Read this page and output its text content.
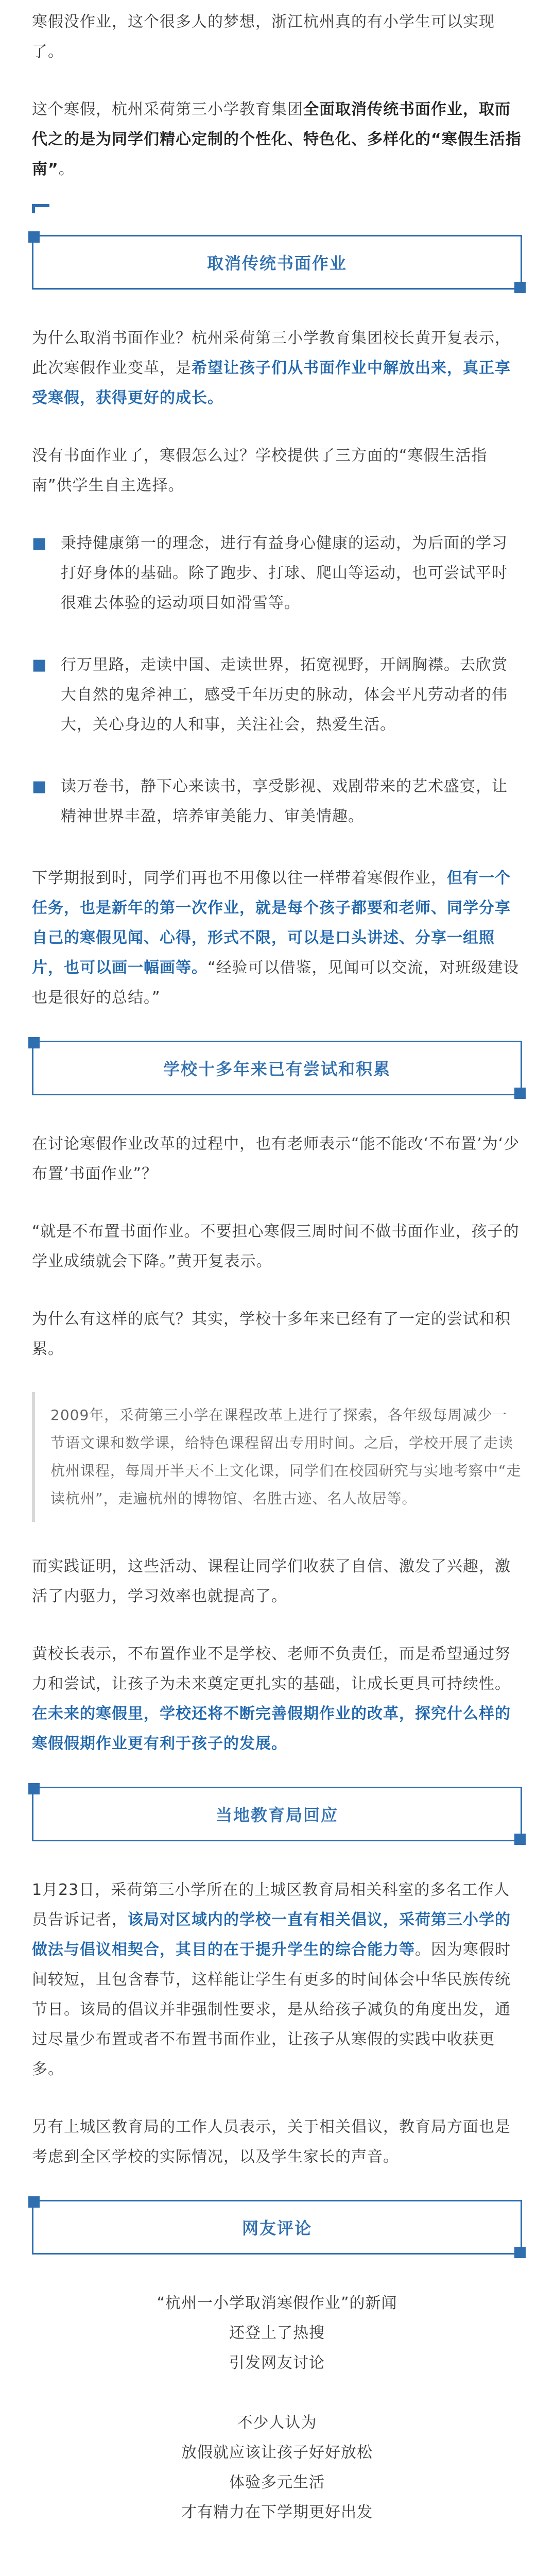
寒假没作业，这个很多人的梦想，浙江杭州真的有小学生可以实现了。

这个寒假，杭州采荷第三小学教育集团全面取消传统书面作业，取而代之的是为同学们精心定制的个性化、特色化、多样化的“寒假生活指南”。

取消传统书面作业

为什么取消书面作业？杭州采荷第三小学教育集团校长黄开复表示，此次寒假作业变革，是希望让孩子们从书面作业中解放出来，真正享受寒假，获得更好的成长。

没有书面作业了，寒假怎么过？学校提供了三方面的“寒假生活指南”供学生自主选择。

■ 秉持健康第一的理念，进行有益身心健康的运动，为后面的学习打好身体的基础。除了跑步、打球、爬山等运动，也可尝试平时很难去体验的运动项目如滑雪等。
■ 行万里路，走读中国、走读世界，拓宽视野，开阔胸襟。去欣赏大自然的鬼斧神工，感受千年历史的脉动，体会平凡劳动者的伟大，关心身边的人和事，关注社会，热爱生活。
■ 读万卷书，静下心来读书，享受影视、戏剧带来的艺术盛宴，让精神世界丰盈，培养审美能力、审美情趣。

下学期报到时，同学们再也不用像以往一样带着寒假作业，但有一个任务，也是新年的第一次作业，就是每个孩子都要和老师、同学分享自己的寒假见闻、心得，形式不限，可以是口头讲述、分享一组照片，也可以画一幅画等。“经验可以借鉴，见闻可以交流，对班级建设也是很好的总结。”

学校十多年来已有尝试和积累

在讨论寒假作业改革的过程中，也有老师表示“能不能改‘不布置’为‘少布置’书面作业”？

“就是不布置书面作业。不要担心寒假三周时间不做书面作业，孩子的学业成绩就会下降。”黄开复表示。

为什么有这样的底气？其实，学校十多年来已经有了一定的尝试和积累。

2009年，采荷第三小学在课程改革上进行了探索，各年级每周减少一节语文课和数学课，给特色课程留出专用时间。之后，学校开展了走读杭州课程，每周开半天不上文化课，同学们在校园研究与实地考察中“走读杭州”，走遍杭州的博物馆、名胜古迹、名人故居等。

而实践证明，这些活动、课程让同学们收获了自信、激发了兴趣，激活了内驱力，学习效率也就提高了。

黄校长表示，不布置作业不是学校、老师不负责任，而是希望通过努力和尝试，让孩子为未来奠定更扎实的基础，让成长更具可持续性。在未来的寒假里，学校还将不断完善假期作业的改革，探究什么样的寒假假期作业更有利于孩子的发展。

当地教育局回应

1月23日，采荷第三小学所在的上城区教育局相关科室的多名工作人员告诉记者，该局对区域内的学校一直有相关倡议，采荷第三小学的做法与倡议相契合，其目的在于提升学生的综合能力等。因为寒假时间较短，且包含春节，这样能让学生有更多的时间体会中华民族传统节日。该局的倡议并非强制性要求，是从给孩子减负的角度出发，通过尽量少布置或者不布置书面作业，让孩子从寒假的实践中收获更多。

另有上城区教育局的工作人员表示，关于相关倡议，教育局方面也是考虑到全区学校的实际情况，以及学生家长的声音。

网友评论

“杭州一小学取消寒假作业”的新闻

还登上了热搜

引发网友讨论

不少人认为

放假就应该让孩子好好放松

体验多元生活

才有精力在下学期更好出发
